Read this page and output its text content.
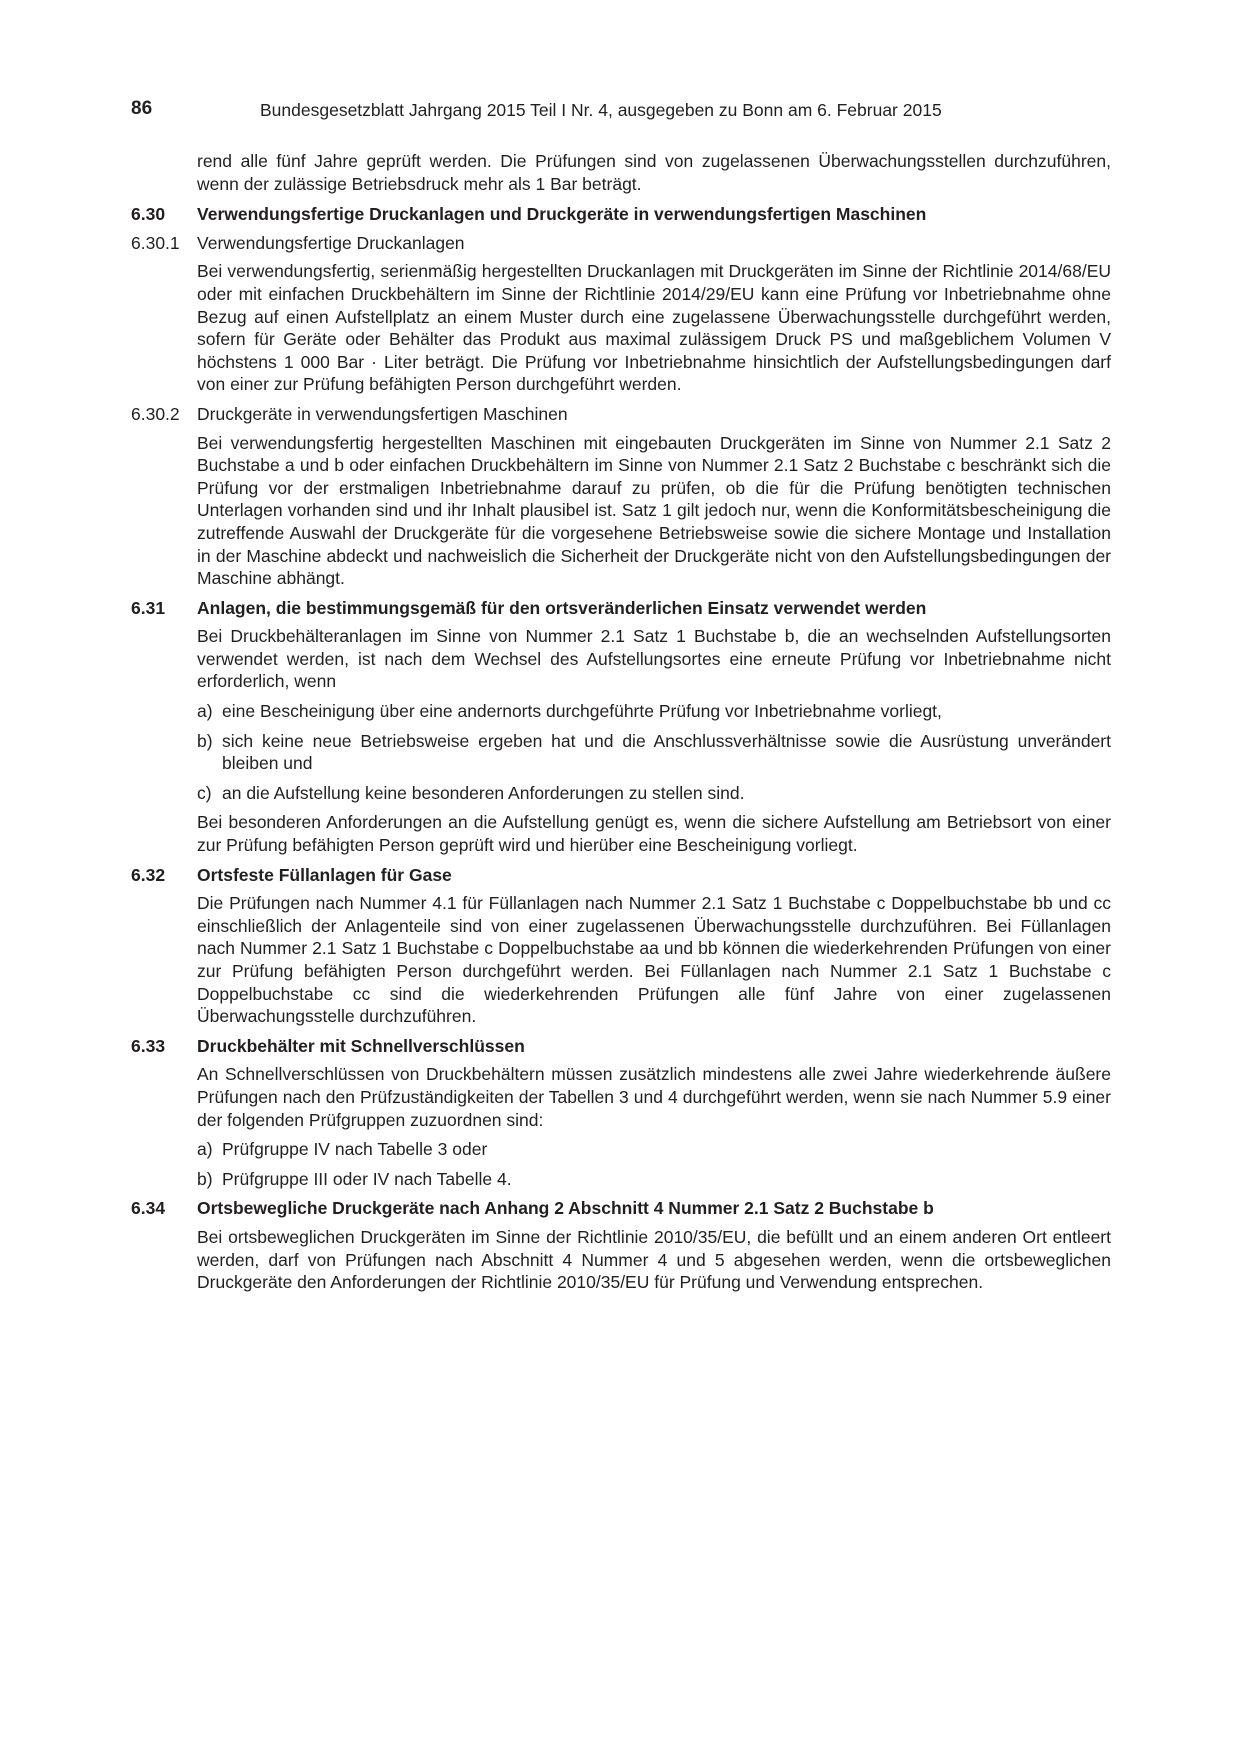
86	Bundesgesetzblatt Jahrgang 2015 Teil I Nr. 4, ausgegeben zu Bonn am 6. Februar 2015

rend alle fünf Jahre geprüft werden. Die Prüfungen sind von zugelassenen Überwachungsstellen durchzuführen, wenn der zulässige Betriebsdruck mehr als 1 Bar beträgt.

6.30	Verwendungsfertige Druckanlagen und Druckgeräte in verwendungsfertigen Maschinen
6.30.1 Verwendungsfertige Druckanlagen

Bei verwendungsfertig, serienmäßig hergestellten Druckanlagen mit Druckgeräten im Sinne der Richtlinie 2014/68/EU oder mit einfachen Druckbehältern im Sinne der Richtlinie 2014/29/EU kann eine Prüfung vor Inbetriebnahme ohne Bezug auf einen Aufstellplatz an einem Muster durch eine zugelassene Überwachungsstelle durchgeführt werden, sofern für Geräte oder Behälter das Produkt aus maximal zulässigem Druck PS und maßgeblichem Volumen V höchstens 1 000 Bar · Liter beträgt. Die Prüfung vor Inbetriebnahme hinsichtlich der Aufstellungsbedingungen darf von einer zur Prüfung befähigten Person durchgeführt werden.

6.30.2 Druckgeräte in verwendungsfertigen Maschinen

Bei verwendungsfertig hergestellten Maschinen mit eingebauten Druckgeräten im Sinne von Nummer 2.1 Satz 2 Buchstabe a und b oder einfachen Druckbehältern im Sinne von Nummer 2.1 Satz 2 Buchstabe c beschränkt sich die Prüfung vor der erstmaligen Inbetriebnahme darauf zu prüfen, ob die für die Prüfung benötigten technischen Unterlagen vorhanden sind und ihr Inhalt plausibel ist. Satz 1 gilt jedoch nur, wenn die Konformitätsbescheinigung die zutreffende Auswahl der Druckgeräte für die vorgesehene Betriebsweise sowie die sichere Montage und Installation in der Maschine abdeckt und nachweislich die Sicherheit der Druckgeräte nicht von den Aufstellungsbedingungen der Maschine abhängt.

6.31	Anlagen, die bestimmungsgemäß für den ortsveränderlichen Einsatz verwendet werden

Bei Druckbehälteranlagen im Sinne von Nummer 2.1 Satz 1 Buchstabe b, die an wechselnden Aufstellungsorten verwendet werden, ist nach dem Wechsel des Aufstellungsortes eine erneute Prüfung vor Inbetriebnahme nicht erforderlich, wenn

a) eine Bescheinigung über eine andernorts durchgeführte Prüfung vor Inbetriebnahme vorliegt,
b) sich keine neue Betriebsweise ergeben hat und die Anschlussverhältnisse sowie die Ausrüstung unverändert bleiben und
c) an die Aufstellung keine besonderen Anforderungen zu stellen sind.

Bei besonderen Anforderungen an die Aufstellung genügt es, wenn die sichere Aufstellung am Betriebsort von einer zur Prüfung befähigten Person geprüft wird und hierüber eine Bescheinigung vorliegt.

6.32	Ortsfeste Füllanlagen für Gase

Die Prüfungen nach Nummer 4.1 für Füllanlagen nach Nummer 2.1 Satz 1 Buchstabe c Doppelbuchstabe bb und cc einschließlich der Anlagenteile sind von einer zugelassenen Überwachungsstelle durchzuführen. Bei Füllanlagen nach Nummer 2.1 Satz 1 Buchstabe c Doppelbuchstabe aa und bb können die wiederkehrenden Prüfungen von einer zur Prüfung befähigten Person durchgeführt werden. Bei Füllanlagen nach Nummer 2.1 Satz 1 Buchstabe c Doppelbuchstabe cc sind die wiederkehrenden Prüfungen alle fünf Jahre von einer zugelassenen Überwachungsstelle durchzuführen.

6.33	Druckbehälter mit Schnellverschlüssen

An Schnellverschlüssen von Druckbehältern müssen zusätzlich mindestens alle zwei Jahre wiederkehrende äußere Prüfungen nach den Prüfzuständigkeiten der Tabellen 3 und 4 durchgeführt werden, wenn sie nach Nummer 5.9 einer der folgenden Prüfgruppen zuzuordnen sind:

a) Prüfgruppe IV nach Tabelle 3 oder
b) Prüfgruppe III oder IV nach Tabelle 4.
6.34	Ortsbewegliche Druckgeräte nach Anhang 2 Abschnitt 4 Nummer 2.1 Satz 2 Buchstabe b

Bei ortsbeweglichen Druckgeräten im Sinne der Richtlinie 2010/35/EU, die befüllt und an einem anderen Ort entleert werden, darf von Prüfungen nach Abschnitt 4 Nummer 4 und 5 abgesehen werden, wenn die ortsbeweglichen Druckgeräte den Anforderungen der Richtlinie 2010/35/EU für Prüfung und Verwendung entsprechen.
